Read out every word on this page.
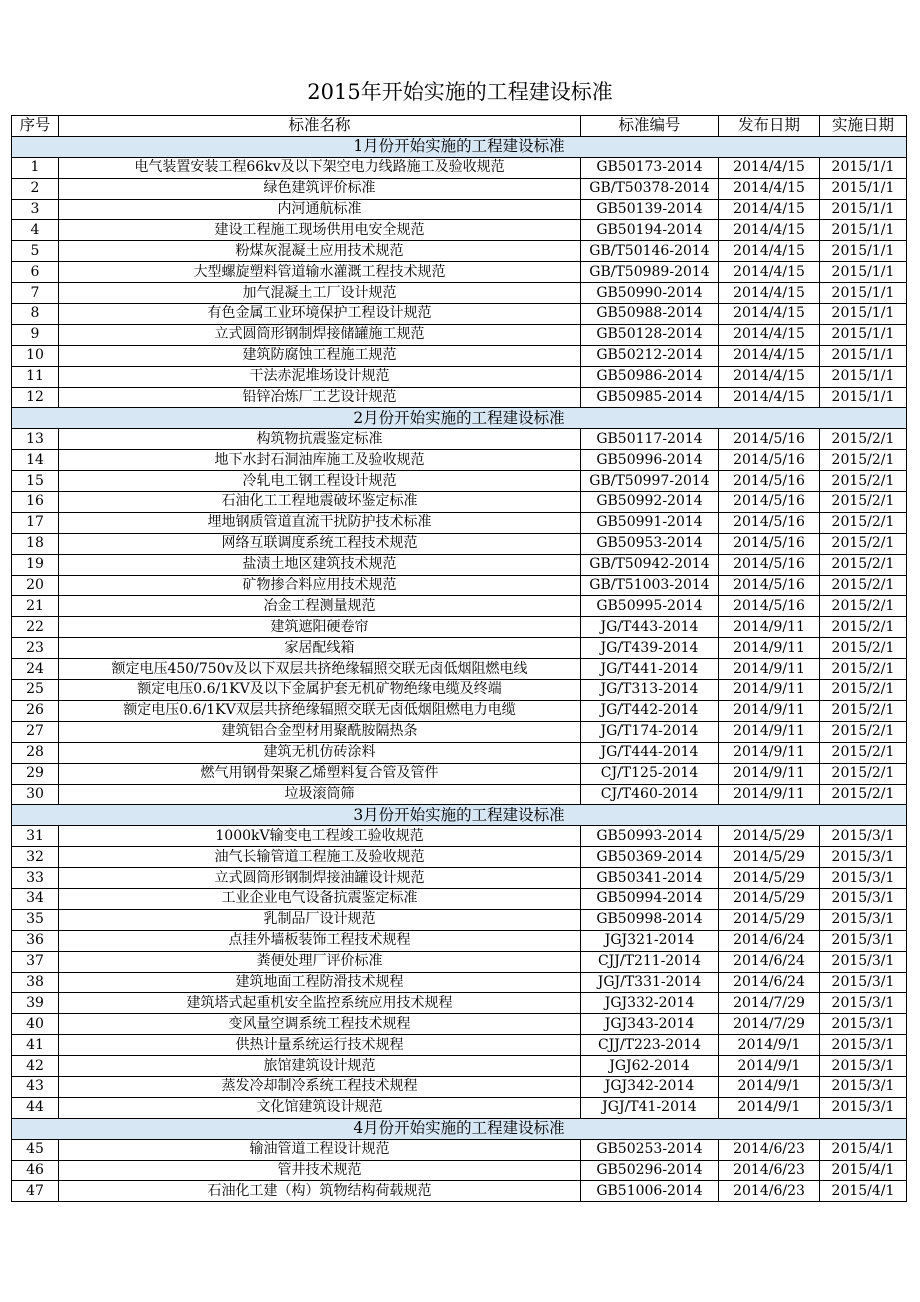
2015年开始实施的工程建设标准
序号	标准名称	标准编号	发布日期	实施日期
1月份开始实施的工程建设标准				
1	电气装置安装工程66kv及以下架空电力线路施工及验收规范	GB50173-2014	2014/4/15	2015/1/1
2	绿色建筑评价标准	GB/T50378-2014	2014/4/15	2015/1/1
3	内河通航标准	GB50139-2014	2014/4/15	2015/1/1
4	建设工程施工现场供用电安全规范	GB50194-2014	2014/4/15	2015/1/1
5	粉煤灰混凝土应用技术规范	GB/T50146-2014	2014/4/15	2015/1/1
6	大型螺旋塑料管道输水灌溉工程技术规范	GB/T50989-2014	2014/4/15	2015/1/1
7	加气混凝土工厂设计规范	GB50990-2014	2014/4/15	2015/1/1
8	有色金属工业环境保护工程设计规范	GB50988-2014	2014/4/15	2015/1/1
9	立式圆筒形钢制焊接储罐施工规范	GB50128-2014	2014/4/15	2015/1/1
10	建筑防腐蚀工程施工规范	GB50212-2014	2014/4/15	2015/1/1
11	干法赤泥堆场设计规范	GB50986-2014	2014/4/15	2015/1/1
12	铅锌冶炼厂工艺设计规范	GB50985-2014	2014/4/15	2015/1/1
2月份开始实施的工程建设标准				
13	构筑物抗震鉴定标准	GB50117-2014	2014/5/16	2015/2/1
14	地下水封石洞油库施工及验收规范	GB50996-2014	2014/5/16	2015/2/1
15	冷轧电工钢工程设计规范	GB/T50997-2014	2014/5/16	2015/2/1
16	石油化工工程地震破坏鉴定标准	GB50992-2014	2014/5/16	2015/2/1
17	埋地钢质管道直流干扰防护技术标准	GB50991-2014	2014/5/16	2015/2/1
18	网络互联调度系统工程技术规范	GB50953-2014	2014/5/16	2015/2/1
19	盐渍土地区建筑技术规范	GB/T50942-2014	2014/5/16	2015/2/1
20	矿物掺合料应用技术规范	GB/T51003-2014	2014/5/16	2015/2/1
21	冶金工程测量规范	GB50995-2014	2014/5/16	2015/2/1
22	建筑遮阳硬卷帘	JG/T443-2014	2014/9/11	2015/2/1
23	家居配线箱	JG/T439-2014	2014/9/11	2015/2/1
24	额定电压450/750v及以下双层共挤绝缘辐照交联无卤低烟阻燃电线	JG/T441-2014	2014/9/11	2015/2/1
25	额定电压0.6/1KV及以下金属护套无机矿物绝缘电缆及终端	JG/T313-2014	2014/9/11	2015/2/1
26	额定电压0.6/1KV双层共挤绝缘辐照交联无卤低烟阻燃电力电缆	JG/T442-2014	2014/9/11	2015/2/1
27	建筑铝合金型材用聚酰胺隔热条	JG/T174-2014	2014/9/11	2015/2/1
28	建筑无机仿砖涂料	JG/T444-2014	2014/9/11	2015/2/1
29	燃气用钢骨架聚乙烯塑料复合管及管件	CJ/T125-2014	2014/9/11	2015/2/1
30	垃圾滚筒筛	CJ/T460-2014	2014/9/11	2015/2/1
3月份开始实施的工程建设标准				
31	1000kV输变电工程竣工验收规范	GB50993-2014	2014/5/29	2015/3/1
32	油气长输管道工程施工及验收规范	GB50369-2014	2014/5/29	2015/3/1
33	立式圆筒形钢制焊接油罐设计规范	GB50341-2014	2014/5/29	2015/3/1
34	工业企业电气设备抗震鉴定标准	GB50994-2014	2014/5/29	2015/3/1
35	乳制品厂设计规范	GB50998-2014	2014/5/29	2015/3/1
36	点挂外墙板装饰工程技术规程	JGJ321-2014	2014/6/24	2015/3/1
37	粪便处理厂评价标准	CJJ/T211-2014	2014/6/24	2015/3/1
38	建筑地面工程防滑技术规程	JGJ/T331-2014	2014/6/24	2015/3/1
39	建筑塔式起重机安全监控系统应用技术规程	JGJ332-2014	2014/7/29	2015/3/1
40	变风量空调系统工程技术规程	JGJ343-2014	2014/7/29	2015/3/1
41	供热计量系统运行技术规程	CJJ/T223-2014	2014/9/1	2015/3/1
42	旅馆建筑设计规范	JGJ62-2014	2014/9/1	2015/3/1
43	蒸发冷却制冷系统工程技术规程	JGJ342-2014	2014/9/1	2015/3/1
44	文化馆建筑设计规范	JGJ/T41-2014	2014/9/1	2015/3/1
4月份开始实施的工程建设标准				
45	输油管道工程设计规范	GB50253-2014	2014/6/23	2015/4/1
46	管井技术规范	GB50296-2014	2014/6/23	2015/4/1
47	石油化工建（构）筑物结构荷载规范	GB51006-2014	2014/6/23	2015/4/1
